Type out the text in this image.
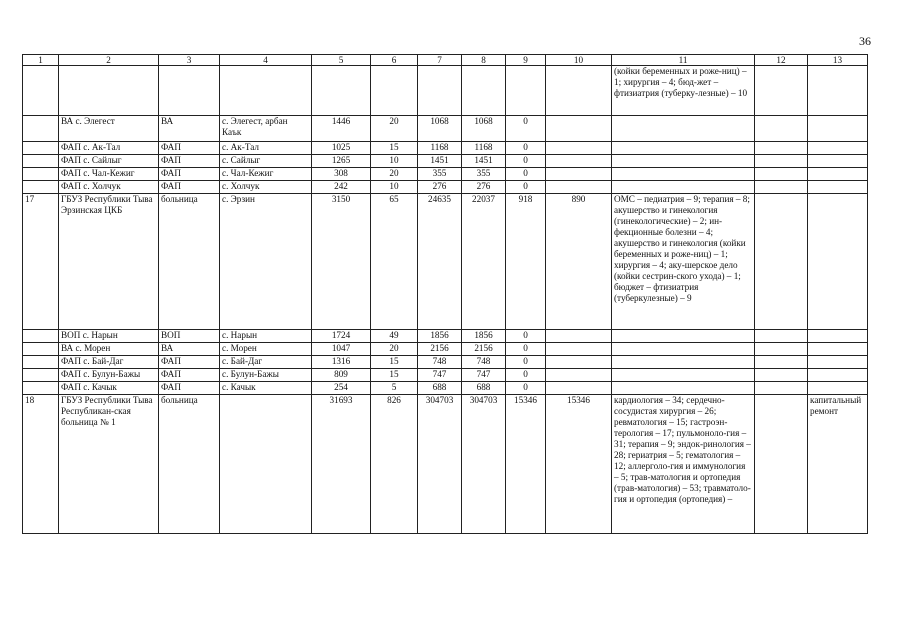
36
1	2	3	4	5	6	7	8	9	10	11	12	13
										(койки беременных и роже-ниц) – 1; хирургия – 4; бюд-жет – фтизиатрия (туберку-лезные) – 10		
	ВА с. Элегест	ВА	с. Элегест, арбан Каък	1446	20	1068	1068	0				
	ФАП с. Ак-Тал	ФАП	с. Ак-Тал	1025	15	1168	1168	0				
	ФАП с. Сайлыг	ФАП	с. Сайлыг	1265	10	1451	1451	0				
	ФАП с. Чал-Кежиг	ФАП	с. Чал-Кежиг	308	20	355	355	0				
	ФАП с. Холчук	ФАП	с. Холчук	242	10	276	276	0				
17	ГБУЗ Республики Тыва Эрзинская ЦКБ	больница	с. Эрзин	3150	65	24635	22037	918	890	ОМС – педиатрия – 9; терапия – 8; акушерство и гинекология (гинекологические) – 2; ин-фекционные болезни – 4; акушерство и гинекология (койки беременных и роже-ниц) – 1; хирургия – 4; аку-шерское дело (койки сестрин-ского ухода) – 1; бюджет – фтизиатрия (туберкулезные) – 9		
	ВОП с. Нарын	ВОП	с. Нарын	1724	49	1856	1856	0				
	ВА с. Морен	ВА	с. Морен	1047	20	2156	2156	0				
	ФАП с. Бай-Даг	ФАП	с. Бай-Даг	1316	15	748	748	0				
	ФАП с. Булун-Бажы	ФАП	с. Булун-Бажы	809	15	747	747	0				
	ФАП с. Качык	ФАП	с. Качык	254	5	688	688	0				
18	ГБУЗ Республики Тыва Республикан-ская больница № 1	больница		31693	826	304703	304703	15346	15346	кардиология – 34; сердечно-сосудистая хирургия – 26; ревматология – 15; гастроэн-терология – 17; пульмоноло-гия – 31; терапия – 9; эндок-ринология – 28; гериатрия – 5; гематология – 12; аллерголо-гия и иммунология – 5; трав-матология и ортопедия (трав-матология) – 53; травматоло-гия и ортопедия (ортопедия) –		капитальный ремонт
